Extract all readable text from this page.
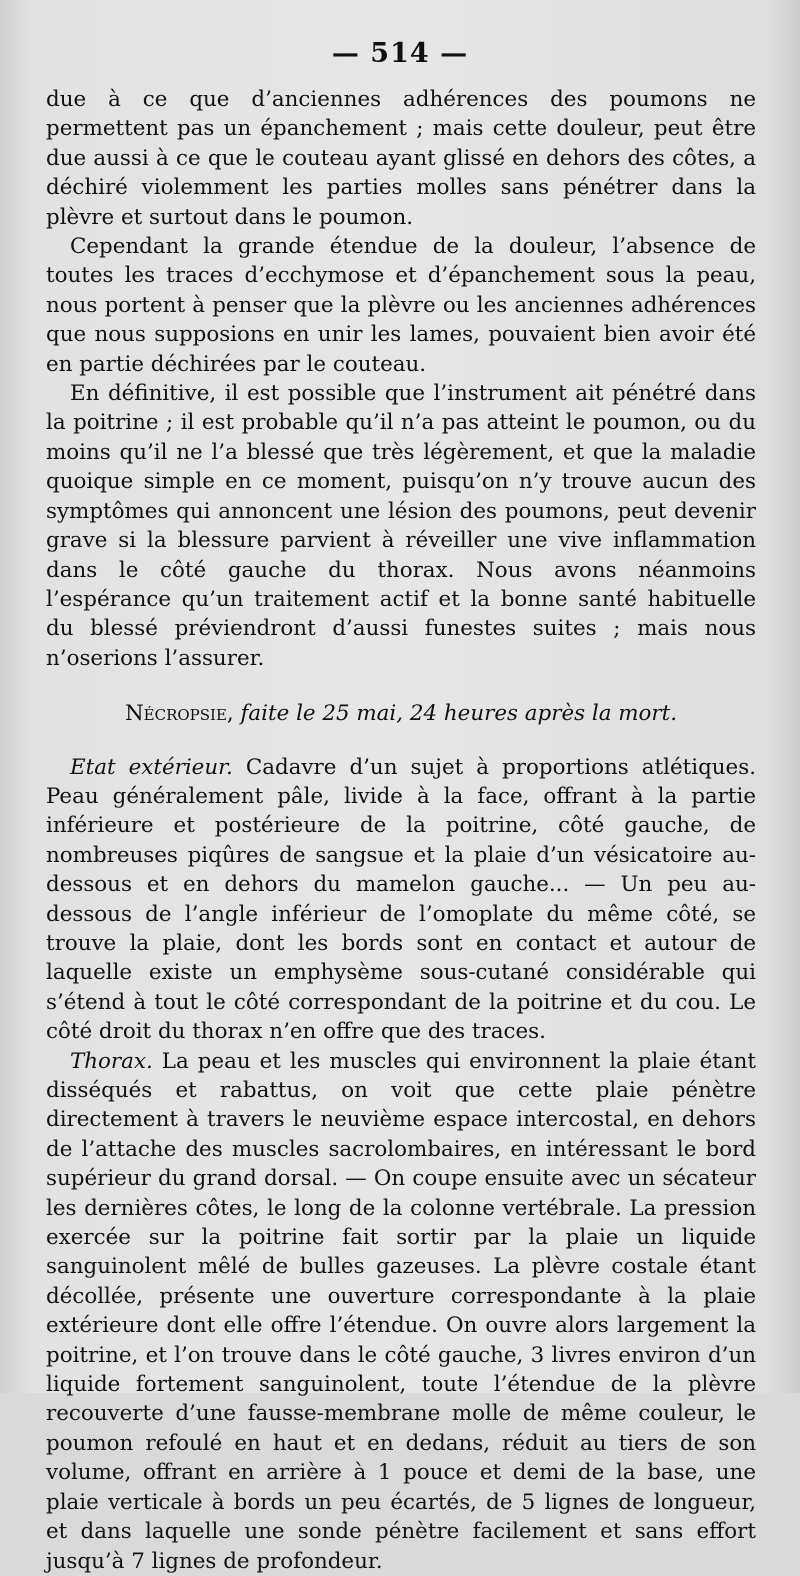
— 514 —

due à ce que d’anciennes adhérences des poumons ne permettent pas un épanchement ; mais cette douleur, peut être due aussi à ce que le couteau ayant glissé en dehors des côtes, a déchiré violemment les parties molles sans pénétrer dans la plèvre et surtout dans le poumon.

Cependant la grande étendue de la douleur, l’absence de toutes les traces d’ecchymose et d’épanchement sous la peau, nous portent à penser que la plèvre ou les anciennes adhérences que nous supposions en unir les lames, pouvaient bien avoir été en partie déchirées par le couteau.

En définitive, il est possible que l’instrument ait pénétré dans la poitrine ; il est probable qu’il n’a pas atteint le poumon, ou du moins qu’il ne l’a blessé que très légèrement, et que la maladie quoique simple en ce moment, puisqu’on n’y trouve aucun des symptômes qui annoncent une lésion des poumons, peut devenir grave si la blessure parvient à réveiller une vive inflammation dans le côté gauche du thorax. Nous avons néanmoins l’espérance qu’un traitement actif et la bonne santé habituelle du blessé préviendront d’aussi funestes suites ; mais nous n’oserions l’assurer.

Nécropsie, faite le 25 mai, 24 heures après la mort.

Etat extérieur. Cadavre d’un sujet à proportions atlétiques. Peau généralement pâle, livide à la face, offrant à la partie inférieure et postérieure de la poitrine, côté gauche, de nombreuses piqûres de sangsue et la plaie d’un vésicatoire au-dessous et en dehors du mamelon gauche... — Un peu au-dessous de l’angle inférieur de l’omoplate du même côté, se trouve la plaie, dont les bords sont en contact et autour de laquelle existe un emphysème sous-cutané considérable qui s’étend à tout le côté correspondant de la poitrine et du cou. Le côté droit du thorax n’en offre que des traces.

Thorax. La peau et les muscles qui environnent la plaie étant disséqués et rabattus, on voit que cette plaie pénètre directement à travers le neuvième espace intercostal, en dehors de l’attache des muscles sacrolombaires, en intéressant le bord supérieur du grand dorsal. — On coupe ensuite avec un sécateur les dernières côtes, le long de la colonne vertébrale. La pression exercée sur la poitrine fait sortir par la plaie un liquide sanguinolent mêlé de bulles gazeuses. La plèvre costale étant décollée, présente une ouverture correspondante à la plaie extérieure dont elle offre l’étendue. On ouvre alors largement la poitrine, et l’on trouve dans le côté gauche, 3 livres environ d’un liquide fortement sanguinolent, toute l’étendue de la plèvre recouverte d’une fausse-membrane molle de même couleur, le poumon refoulé en haut et en dedans, réduit au tiers de son volume, offrant en arrière à 1 pouce et demi de la base, une plaie verticale à bords un peu écartés, de 5 lignes de longueur, et dans laquelle une sonde pénètre facilement et sans effort jusqu’à 7 lignes de profondeur.
